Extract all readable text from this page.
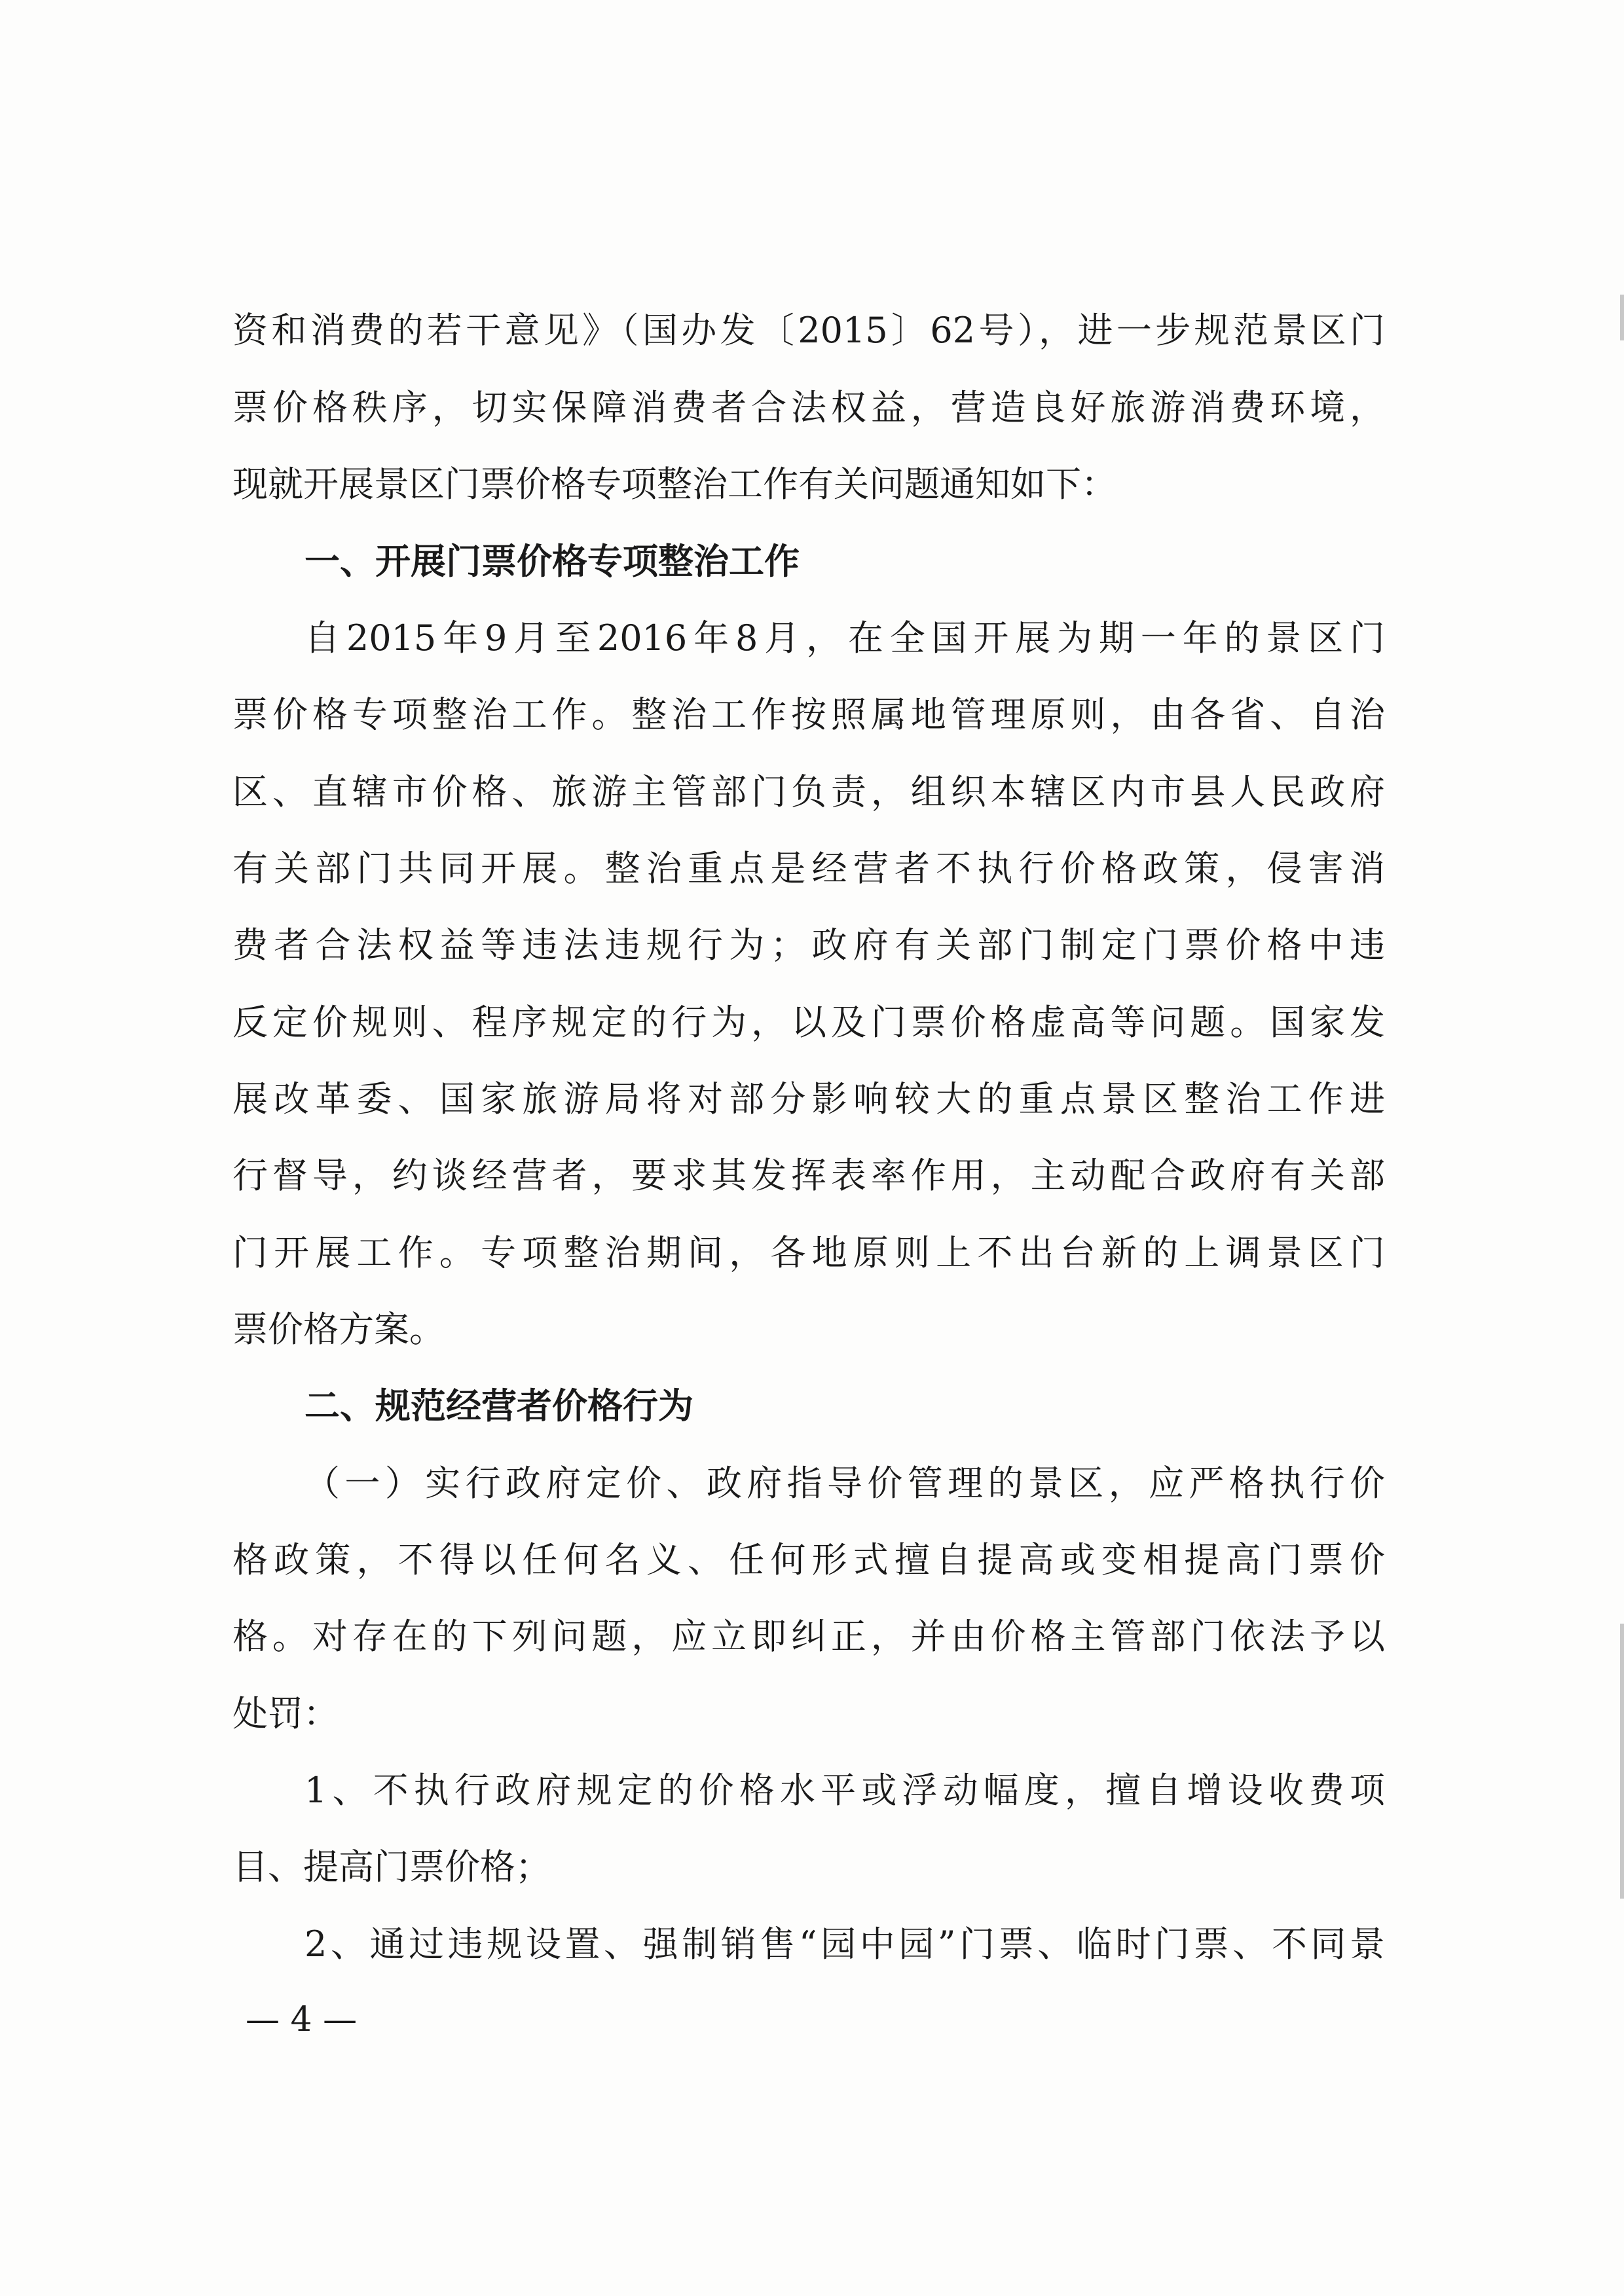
资和消费的若干意见》（国办发〔2015〕62号），进一步规范景区门
票价格秩序，切实保障消费者合法权益，营造良好旅游消费环境，
现就开展景区门票价格专项整治工作有关问题通知如下：
一、开展门票价格专项整治工作
自2015年9月至2016年8月，在全国开展为期一年的景区门
票价格专项整治工作。整治工作按照属地管理原则，由各省、自治
区、直辖市价格、旅游主管部门负责，组织本辖区内市县人民政府
有关部门共同开展。整治重点是经营者不执行价格政策，侵害消
费者合法权益等违法违规行为；政府有关部门制定门票价格中违
反定价规则、程序规定的行为，以及门票价格虚高等问题。国家发
展改革委、国家旅游局将对部分影响较大的重点景区整治工作进
行督导，约谈经营者，要求其发挥表率作用，主动配合政府有关部
门开展工作。专项整治期间，各地原则上不出台新的上调景区门
票价格方案。
二、规范经营者价格行为
（一）实行政府定价、政府指导价管理的景区，应严格执行价
格政策，不得以任何名义、任何形式擅自提高或变相提高门票价
格。对存在的下列问题，应立即纠正，并由价格主管部门依法予以
处罚：
1、不执行政府规定的价格水平或浮动幅度，擅自增设收费项
目、提高门票价格；
2、通过违规设置、强制销售“园中园”门票、临时门票、不同景
— 4 —
